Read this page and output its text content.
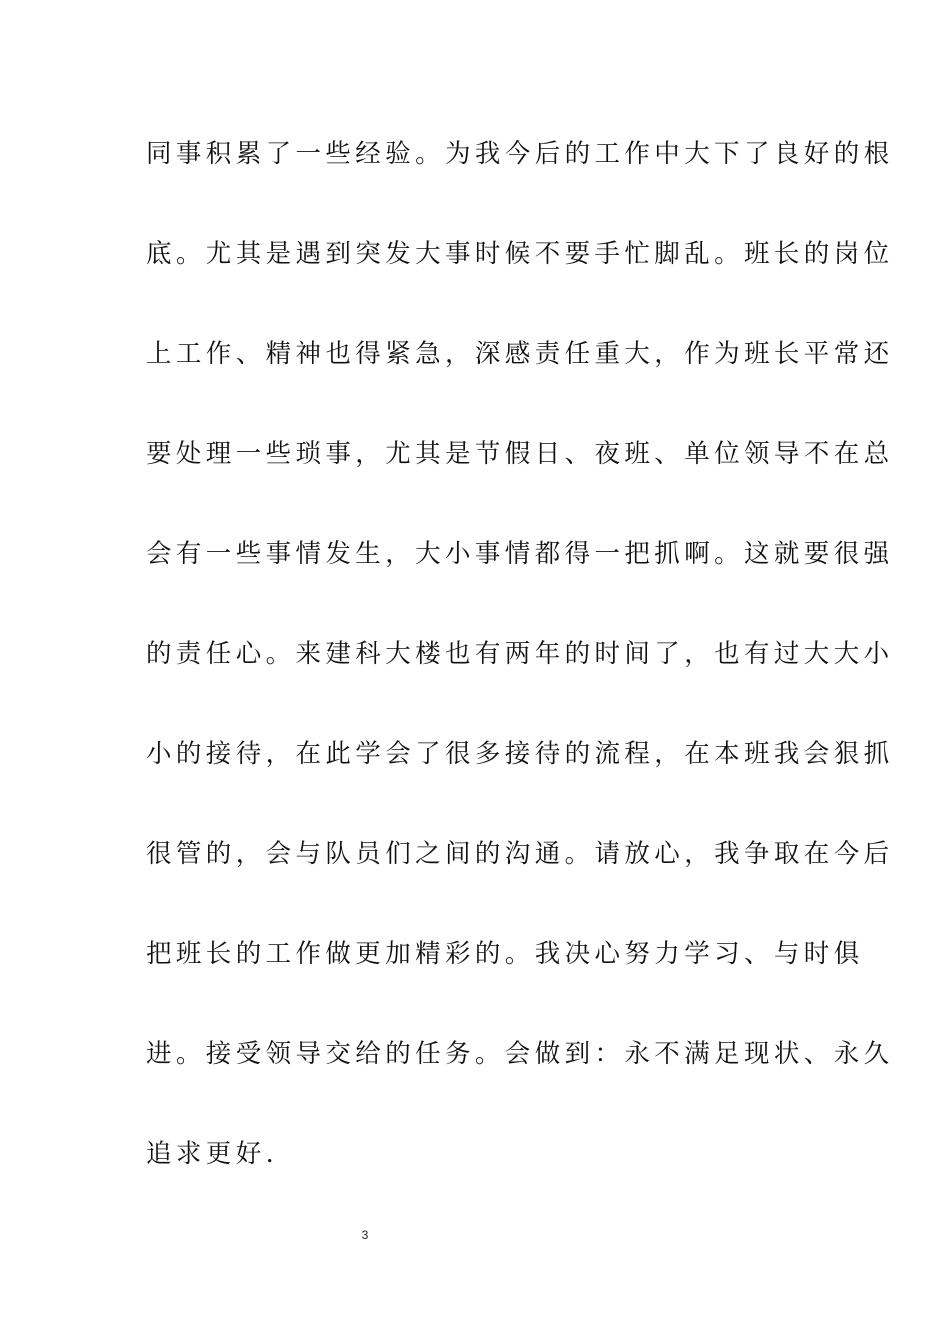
同事积累了一些经验。为我今后的工作中大下了良好的根
底。尤其是遇到突发大事时候不要手忙脚乱。班长的岗位
上工作、精神也得紧急，深感责任重大，作为班长平常还
要处理一些琐事，尤其是节假日、夜班、单位领导不在总
会有一些事情发生，大小事情都得一把抓啊。这就要很强
的责任心。来建科大楼也有两年的时间了，也有过大大小
小的接待，在此学会了很多接待的流程，在本班我会狠抓
很管的，会与队员们之间的沟通。请放心，我争取在今后
把班长的工作做更加精彩的。我决心努力学习、与时俱
进。接受领导交给的任务。会做到：永不满足现状、永久
追求更好.
3
